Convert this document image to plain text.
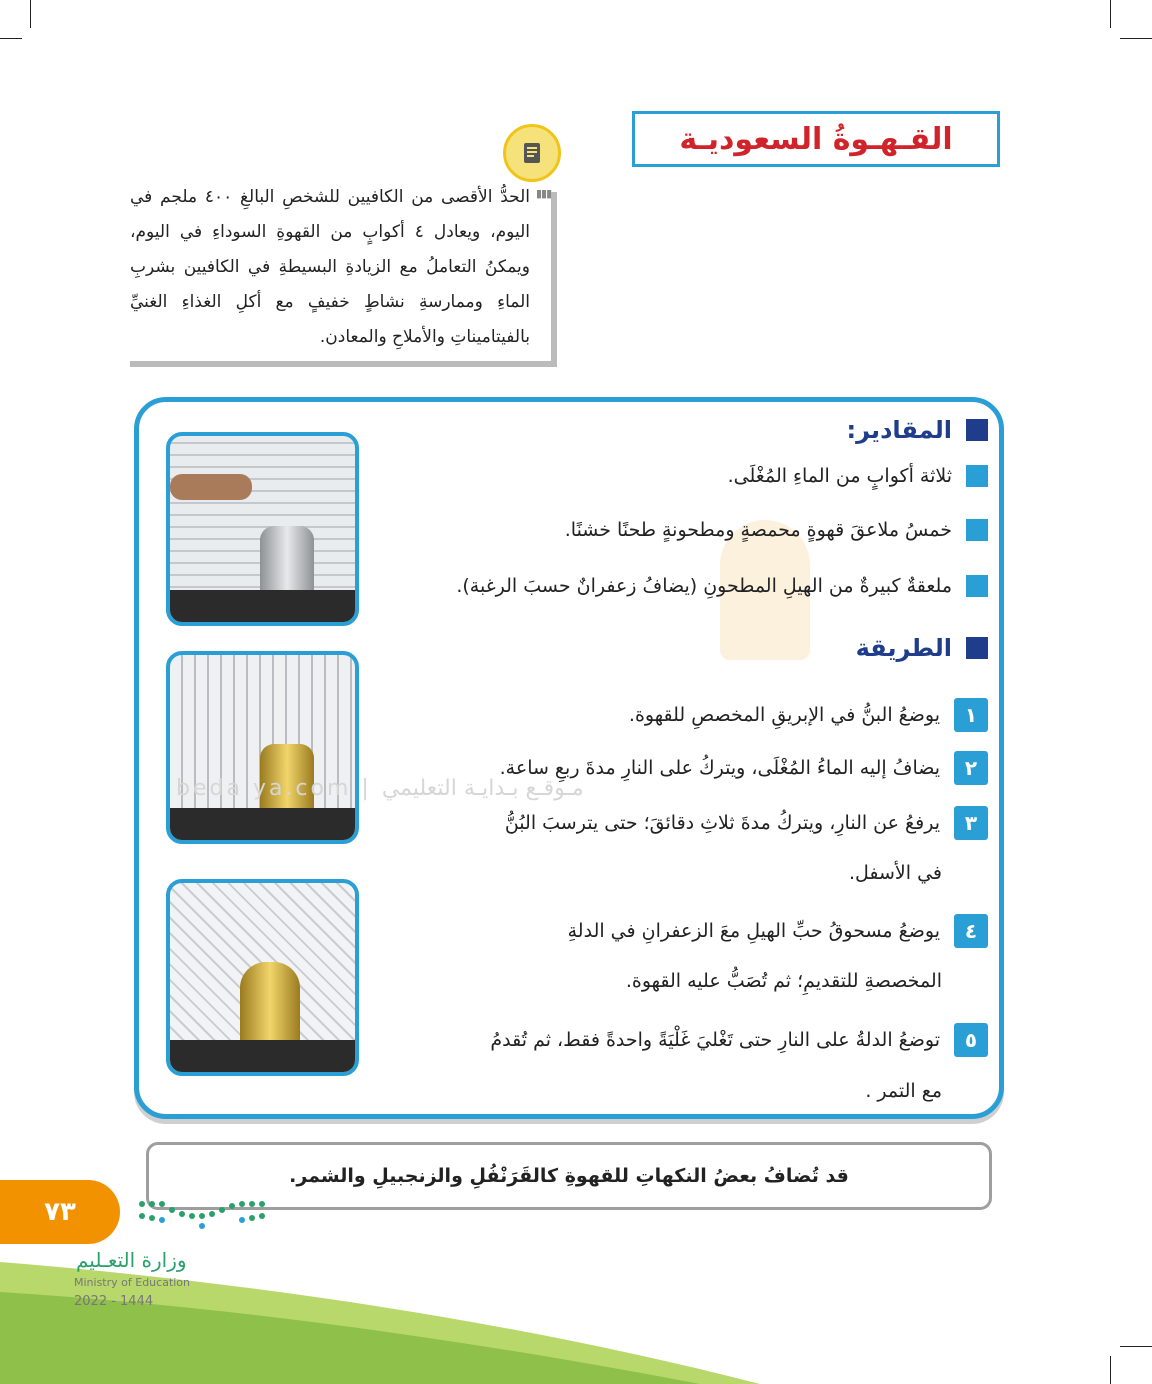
القـهـوةُ السعوديـة
▮▮▮
الحدُّ الأقصى من الكافيين للشخصِ البالغِ ٤٠٠ ملجم في اليوم، ويعادل ٤ أكوابٍ من القهوةِ السوداءِ في اليوم، ويمكنُ التعاملُ مع الزيادةِ البسيطةِ في الكافيين بشربِ الماءِ وممارسةِ نشاطٍ خفيفٍ مع أكلِ الغذاءِ الغنيِّ بالفيتاميناتِ والأملاحِ والمعادن.
المقادير:
ثلاثة أكوابٍ من الماءِ المُغْلَى.
خمسُ ملاعقَ قهوةٍ محمصةٍ ومطحونةٍ طحنًا خشنًا.
ملعقةٌ كبيرةٌ من الهيلِ المطحونِ (يضافُ زعفرانٌ حسبَ الرغبة).
الطريقة
١
يوضعُ البنُّ في الإبريقِ المخصصِ للقهوة.
٢
يضافُ إليه الماءُ المُغْلَى، ويتركُ على النارِ مدةَ ربعِ ساعة.
beda ya.com | مـوقـع بـدايـة التعليمي
٣
يرفعُ عن النارِ، ويتركُ مدةَ ثلاثِ دقائقَ؛ حتى يترسبَ البُنُّ
في الأسفل.
٤
يوضعُ مسحوقُ حبِّ الهيلِ معَ الزعفرانِ في الدلةِ
المخصصةِ للتقديمِ؛ ثم تُصَبُّ عليه القهوة.
٥
توضعُ الدلةُ على النارِ حتى تَغْليَ غَلْيَةً واحدةً فقط، ثم تُقدمُ
مع التمر .
قد تُضافُ بعضُ النكهاتِ للقهوةِ كالقَرَنْفُلِ والزنجبيلِ والشمر.
٧٣
وزارة التعـليم
Ministry of Education
2022 - 1444
